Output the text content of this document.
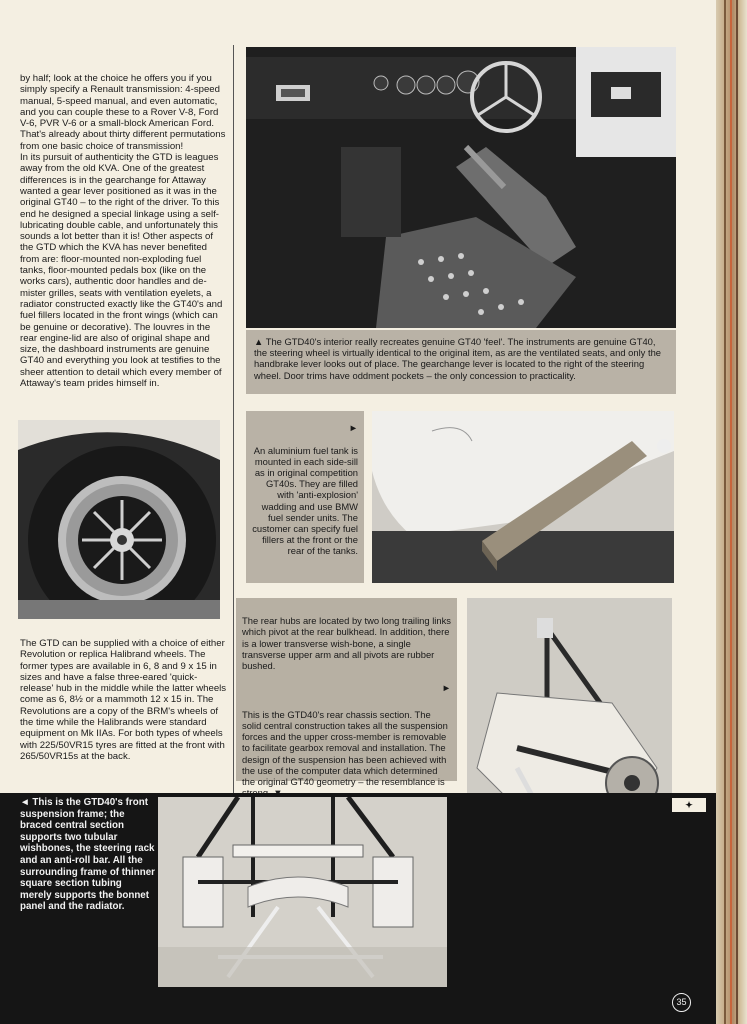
by half; look at the choice he offers you if you simply specify a Renault transmission: 4-speed manual, 5-speed manual, and even automatic, and you can couple these to a Rover V-8, Ford V-6, PVR V-6 or a small-block American Ford. That's already about thirty different permutations from one basic choice of transmission!
In its pursuit of authenticity the GTD is leagues away from the old KVA. One of the greatest differences is in the gearchange for Attaway wanted a gear lever positioned as it was in the original GT40 – to the right of the driver. To this end he designed a special linkage using a self-lubricating double cable, and unfortunately this sounds a lot better than it is! Other aspects of the GTD which the KVA has never benefited from are: floor-mounted non-exploding fuel tanks, floor-mounted pedals box (like on the works cars), authentic door handles and de-mister grilles, seats with ventilation eyelets, a radiator constructed exactly like the GT40's and fuel fillers located in the front wings (which can be genuine or decorative). The louvres in the rear engine-lid are also of original shape and size, the dashboard instruments are genuine GT40 and everything you look at testifies to the sheer attention to detail which every member of Attaway's team prides himself in.

▲ The GTD40's interior really recreates genuine GT40 'feel'. The instruments are genuine GT40, the steering wheel is virtually identical to the original item, as are the ventilated seats, and only the handbrake lever looks out of place. The gearchange lever is located to the right of the steering wheel. Door trims have oddment pockets – the only concession to practicality.

The GTD can be supplied with a choice of either Revolution or replica Halibrand wheels. The former types are available in 6, 8 and 9 x 15 in sizes and have a false three-eared 'quick-release' hub in the middle while the latter wheels come as 6, 8½ or a mammoth 12 x 15 in. The Revolutions are a copy of the BRM's wheels of the time while the Halibrands were standard equipment on Mk IIAs. For both types of wheels with 225/50VR15 tyres are fitted at the front with 265/50VR15s at the back.

►

An aluminium fuel tank is mounted in each side-sill as in original competition GT40s. They are filled with 'anti-explosion' wadding and use BMW fuel sender units. The customer can specify fuel fillers at the front or the rear of the tanks.

The rear hubs are located by two long trailing links which pivot at the rear bulkhead. In addition, there is a lower transverse wish-bone, a single transverse upper arm and all pivots are rubber bushed.

►

This is the GTD40's rear chassis section. The solid central construction takes all the suspension forces and the upper cross-member is removable to facilitate gearbox removal and installation. The design of the suspension has been achieved with the use of the computer data which determined the original GT40 geometry – the resemblance is

◄ This is the GTD40's front suspension frame; the braced central section supports two tubular wishbones, the steering rack and an anti-roll bar. All the surrounding frame of thinner square section tubing merely supports the bonnet panel and the radiator.

✦
35
